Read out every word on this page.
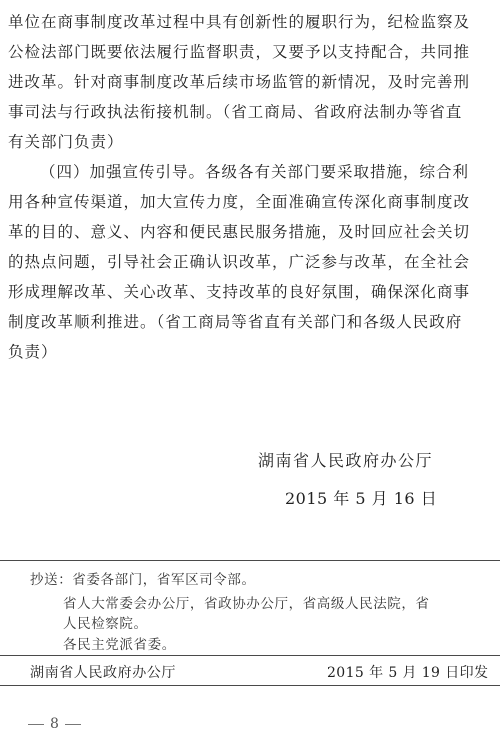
单位在商事制度改革过程中具有创新性的履职行为，纪检监察及
公检法部门既要依法履行监督职责，又要予以支持配合，共同推
进改革。针对商事制度改革后续市场监管的新情况，及时完善刑
事司法与行政执法衔接机制。（省工商局、省政府法制办等省直
有关部门负责）
（四）加强宣传引导。各级各有关部门要采取措施，综合利
用各种宣传渠道，加大宣传力度，全面准确宣传深化商事制度改
革的目的、意义、内容和便民惠民服务措施，及时回应社会关切
的热点问题，引导社会正确认识改革，广泛参与改革，在全社会
形成理解改革、关心改革、支持改革的良好氛围，确保深化商事
制度改革顺利推进。（省工商局等省直有关部门和各级人民政府
负责）
湖南省人民政府办公厅
2015 年 5 月 16 日
抄送：省委各部门，省军区司令部。
省人大常委会办公厅，省政协办公厅，省高级人民法院，省
人民检察院。
各民主党派省委。
湖南省人民政府办公厅	2015 年 5 月 19 日印发
8
